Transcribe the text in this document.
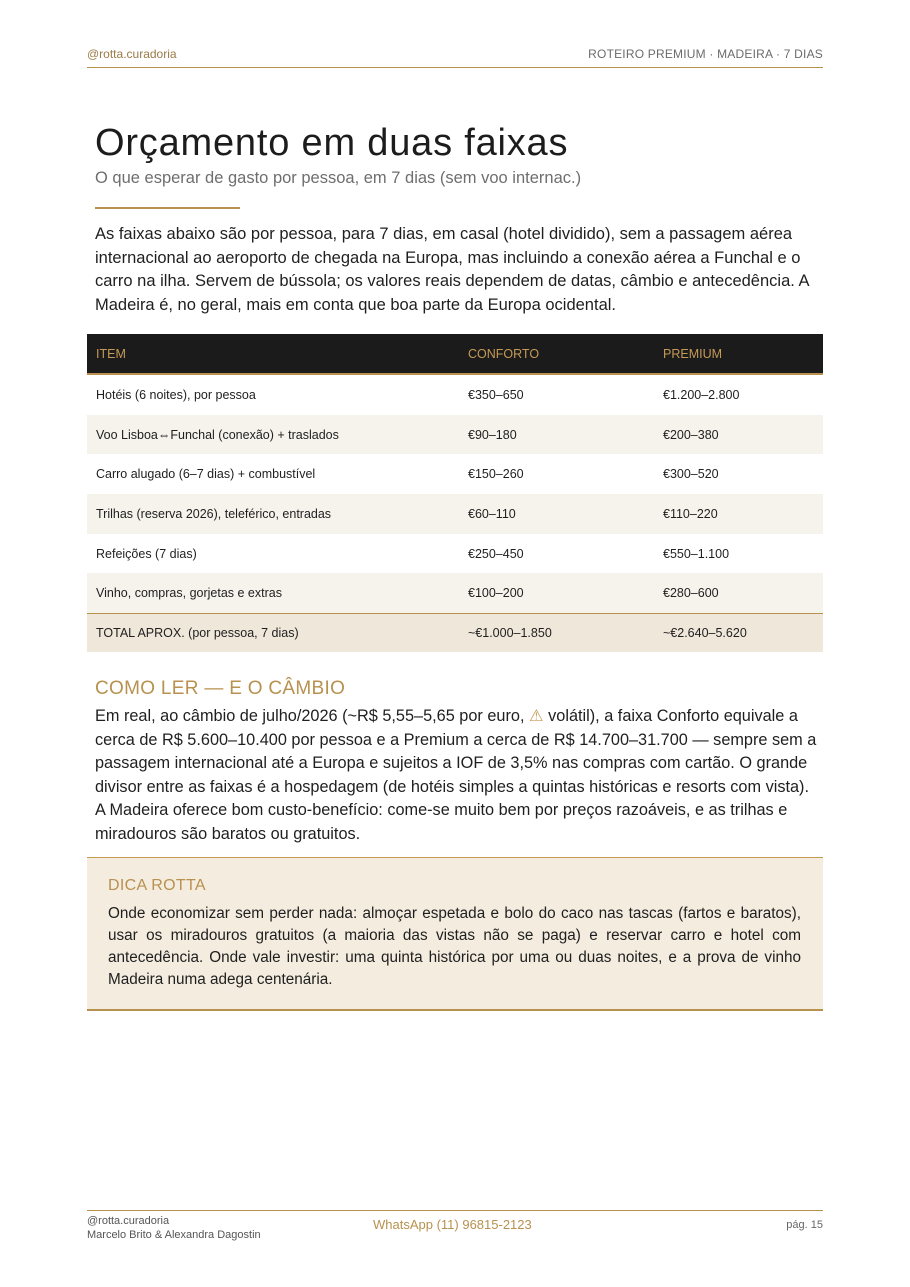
@rotta.curadoria	ROTEIRO PREMIUM · MADEIRA · 7 DIAS
Orçamento em duas faixas
O que esperar de gasto por pessoa, em 7 dias (sem voo internac.)

As faixas abaixo são por pessoa, para 7 dias, em casal (hotel dividido), sem a passagem aérea internacional ao aeroporto de chegada na Europa, mas incluindo a conexão aérea a Funchal e o carro na ilha. Servem de bússola; os valores reais dependem de datas, câmbio e antecedência. A Madeira é, no geral, mais em conta que boa parte da Europa ocidental.

ITEM	CONFORTO	PREMIUM
Hotéis (6 noites), por pessoa	€350–650	€1.200–2.800
Voo Lisboa⇔Funchal (conexão) + traslados	€90–180	€200–380
Carro alugado (6–7 dias) + combustível	€150–260	€300–520
Trilhas (reserva 2026), teleférico, entradas	€60–110	€110–220
Refeições (7 dias)	€250–450	€550–1.100
Vinho, compras, gorjetas e extras	€100–200	€280–600
TOTAL APROX. (por pessoa, 7 dias)	~€1.000–1.850	~€2.640–5.620
COMO LER — E O CÂMBIO

Em real, ao câmbio de julho/2026 (~R$ 5,55–5,65 por euro, ⚠ volátil), a faixa Conforto equivale a cerca de R$ 5.600–10.400 por pessoa e a Premium a cerca de R$ 14.700–31.700 — sempre sem a passagem internacional até a Europa e sujeitos a IOF de 3,5% nas compras com cartão. O grande divisor entre as faixas é a hospedagem (de hotéis simples a quintas históricas e resorts com vista). A Madeira oferece bom custo-benefício: come-se muito bem por preços razoáveis, e as trilhas e miradouros são baratos ou gratuitos.

DICA ROTTA

Onde economizar sem perder nada: almoçar espetada e bolo do caco nas tascas (fartos e baratos), usar os miradouros gratuitos (a maioria das vistas não se paga) e reservar carro e hotel com antecedência. Onde vale investir: uma quinta histórica por uma ou duas noites, e a prova de vinho Madeira numa adega centenária.

@rotta.curadoria
Marcelo Brito & Alexandra Dagostin
WhatsApp (11) 96815-2123	pág. 15
